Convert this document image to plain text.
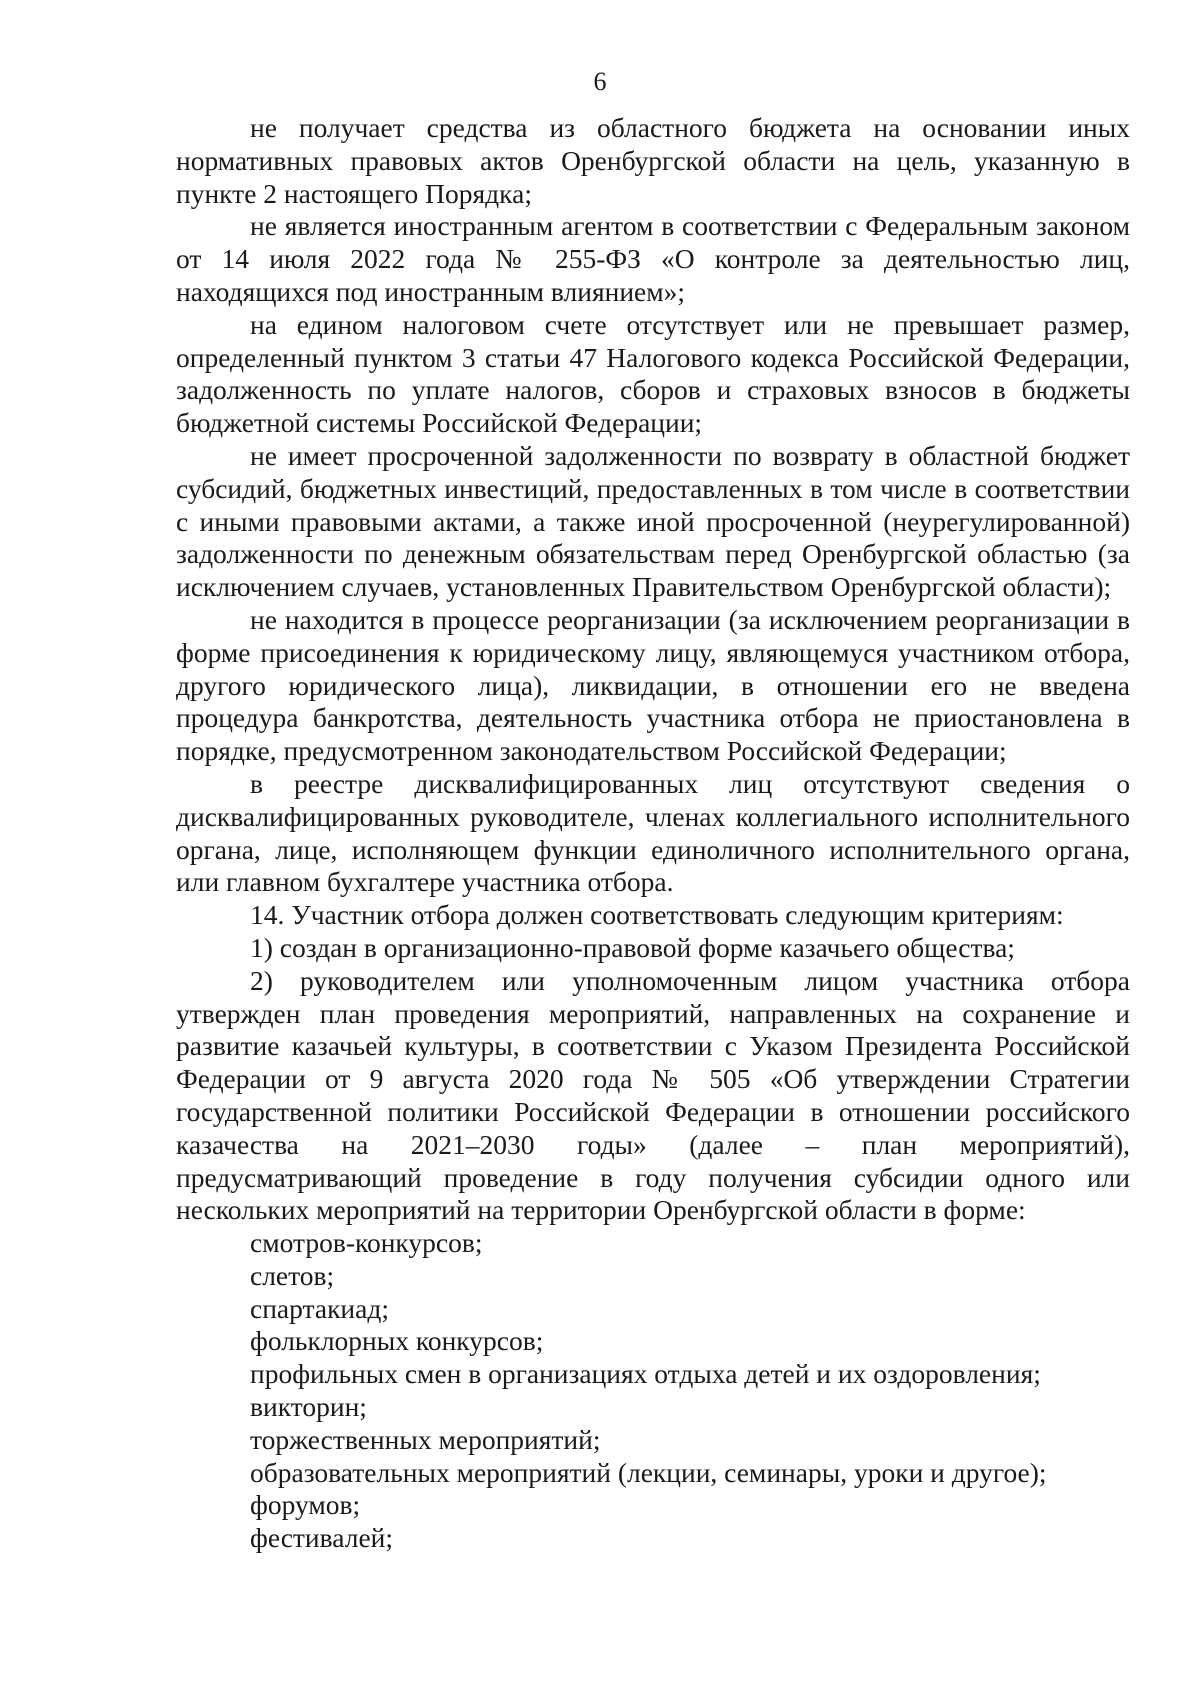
6

не получает средства из областного бюджета на основании иных нормативных правовых актов Оренбургской области на цель, указанную в пункте 2 настоящего Порядка;

не является иностранным агентом в соответствии с Федеральным законом от 14 июля 2022 года № 255-ФЗ «О контроле за деятельностью лиц, находящихся под иностранным влиянием»;

на едином налоговом счете отсутствует или не превышает размер, определенный пунктом 3 статьи 47 Налогового кодекса Российской Федерации, задолженность по уплате налогов, сборов и страховых взносов в бюджеты бюджетной системы Российской Федерации;

не имеет просроченной задолженности по возврату в областной бюджет субсидий, бюджетных инвестиций, предоставленных в том числе в соответствии с иными правовыми актами, а также иной просроченной (неурегулированной) задолженности по денежным обязательствам перед Оренбургской областью (за исключением случаев, установленных Правительством Оренбургской области);

не находится в процессе реорганизации (за исключением реорганизации в форме присоединения к юридическому лицу, являющемуся участником отбора, другого юридического лица), ликвидации, в отношении его не введена процедура банкротства, деятельность участника отбора не приостановлена в порядке, предусмотренном законодательством Российской Федерации;

в реестре дисквалифицированных лиц отсутствуют сведения о дисквалифицированных руководителе, членах коллегиального исполнительного органа, лице, исполняющем функции единоличного исполнительного органа, или главном бухгалтере участника отбора.

14. Участник отбора должен соответствовать следующим критериям:

1) создан в организационно-правовой форме казачьего общества;

2) руководителем или уполномоченным лицом участника отбора утвержден план проведения мероприятий, направленных на сохранение и развитие казачьей культуры, в соответствии с Указом Президента Российской Федерации от 9 августа 2020 года № 505 «Об утверждении Стратегии государственной политики Российской Федерации в отношении российского казачества на 2021–2030 годы» (далее – план мероприятий), предусматривающий проведение в году получения субсидии одного или нескольких мероприятий на территории Оренбургской области в форме:

смотров-конкурсов;
слетов;
спартакиад;
фольклорных конкурсов;
профильных смен в организациях отдыха детей и их оздоровления;
викторин;
торжественных мероприятий;
образовательных мероприятий (лекции, семинары, уроки и другое);
форумов;
фестивалей;
